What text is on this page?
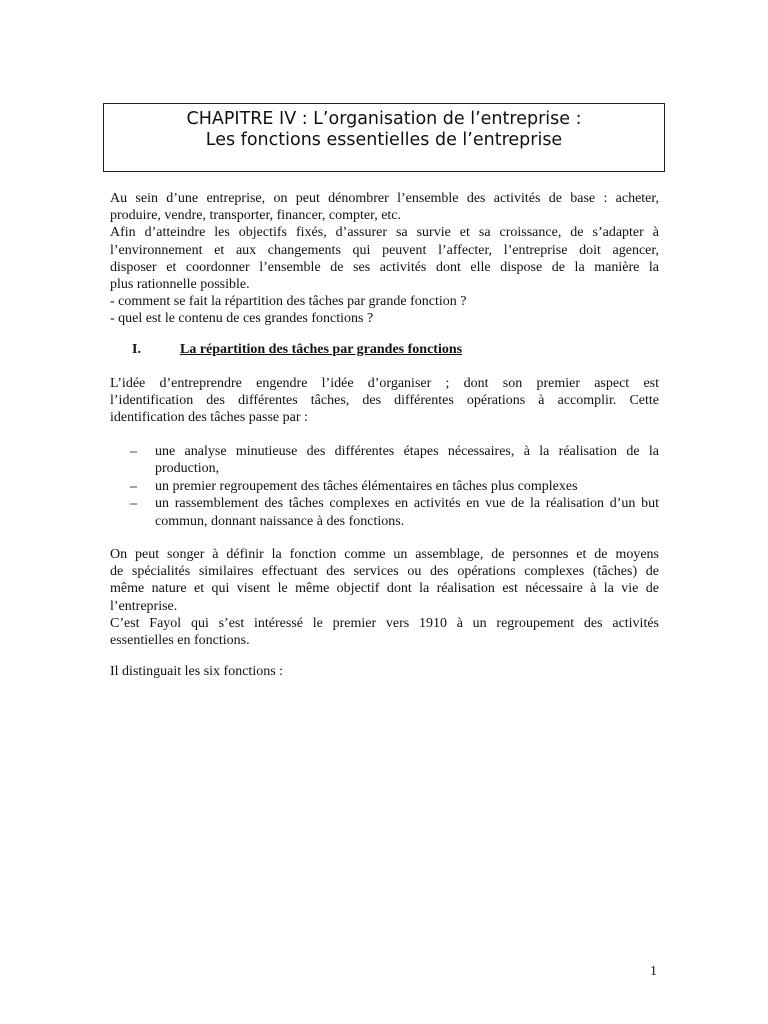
CHAPITRE IV : L’organisation de l’entreprise :
Les fonctions essentielles de l’entreprise
Au sein d’une entreprise, on peut dénombrer l’ensemble des activités de base : acheter,
produire, vendre, transporter, financer, compter, etc.
Afin d’atteindre les objectifs fixés, d’assurer sa survie et sa croissance, de s’adapter à
l’environnement et aux changements qui peuvent l’affecter, l’entreprise doit agencer,
disposer et coordonner l’ensemble de ses activités dont elle dispose de la manière la
plus rationnelle possible.
- comment se fait la répartition des tâches par grande fonction ?
- quel est le contenu de ces grandes fonctions ?
I.	La répartition des tâches par grandes fonctions
L’idée d’entreprendre engendre l’idée d’organiser ; dont son premier aspect est
l’identification des différentes tâches, des différentes opérations à accomplir. Cette
identification des tâches passe par :
– une analyse minutieuse des différentes étapes nécessaires, à la réalisation de la production,
– un premier regroupement des tâches élémentaires en tâches plus complexes
– un rassemblement des tâches complexes en activités en vue de la réalisation d’un but commun, donnant naissance à des fonctions.
On peut songer à définir la fonction comme un assemblage, de personnes et de moyens
de spécialités similaires effectuant des services ou des opérations complexes (tâches) de
même nature et qui visent le même objectif dont la réalisation est nécessaire à la vie de
l’entreprise.
C’est Fayol qui s’est intéressé le premier vers 1910 à un regroupement des activités
essentielles en fonctions.
Il distinguait les six fonctions :
1
